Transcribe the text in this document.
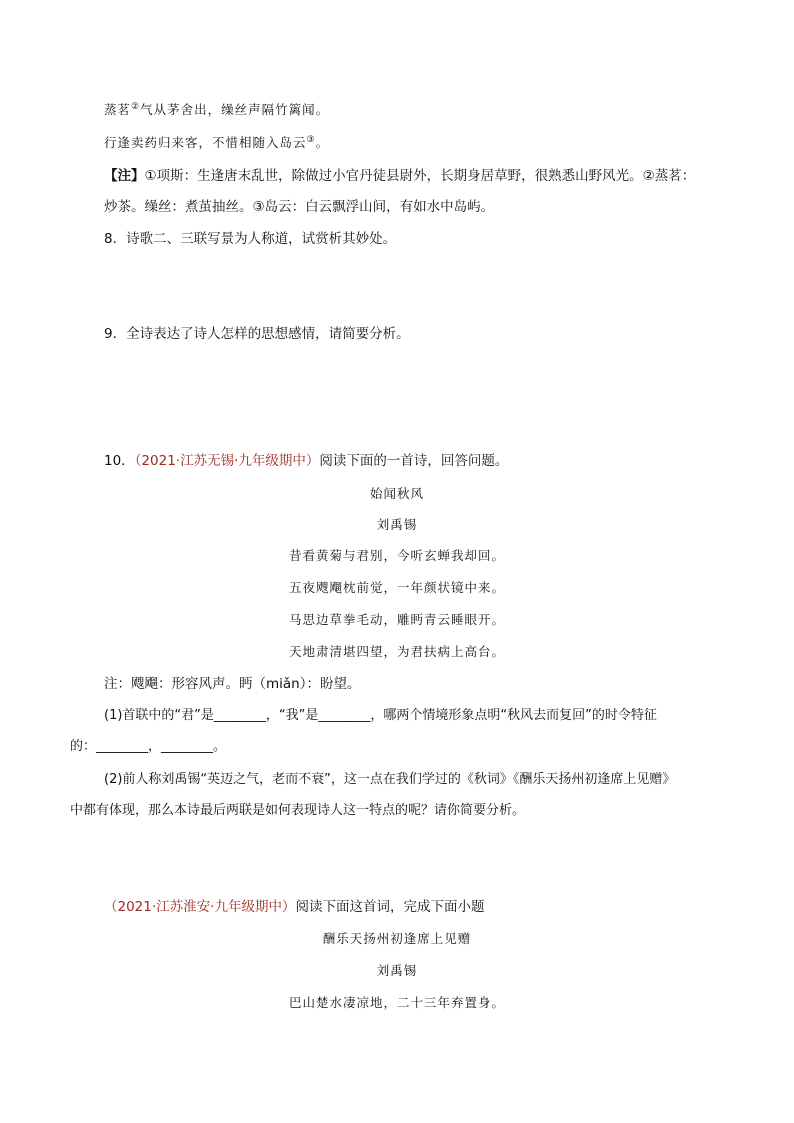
蒸茗②气从茅舍出，缲丝声隔竹篱闻。
行逢卖药归来客，不惜相随入岛云③。
【注】①项斯：生逢唐末乱世，除做过小官丹徒县尉外，长期身居草野，很熟悉山野风光。②蒸茗：
炒茶。缲丝：煮茧抽丝。③岛云：白云飘浮山间，有如水中岛屿。
8．诗歌二、三联写景为人称道，试赏析其妙处。
9．全诗表达了诗人怎样的思想感情，请简要分析。
10．（2021·江苏无锡·九年级期中）阅读下面的一首诗，回答问题。
始闻秋风
刘禹锡
昔看黄菊与君别，今听玄蝉我却回。
五夜飕飗枕前觉，一年颜状镜中来。
马思边草拳毛动，雕眄青云睡眼开。
天地肃清堪四望，为君扶病上高台。
注：飕飗：形容风声。眄（miǎn）：盼望。
(1)首联中的“君”是________，“我”是________，哪两个情境形象点明“秋风去而复回”的时令特征
的：________，________。
(2)前人称刘禹锡“英迈之气，老而不衰”，这一点在我们学过的《秋词》《酬乐天扬州初逢席上见赠》
中都有体现，那么本诗最后两联是如何表现诗人这一特点的呢？请你简要分析。
（2021·江苏淮安·九年级期中）阅读下面这首词，完成下面小题
酬乐天扬州初逢席上见赠
刘禹锡
巴山楚水凄凉地，二十三年弃置身。
